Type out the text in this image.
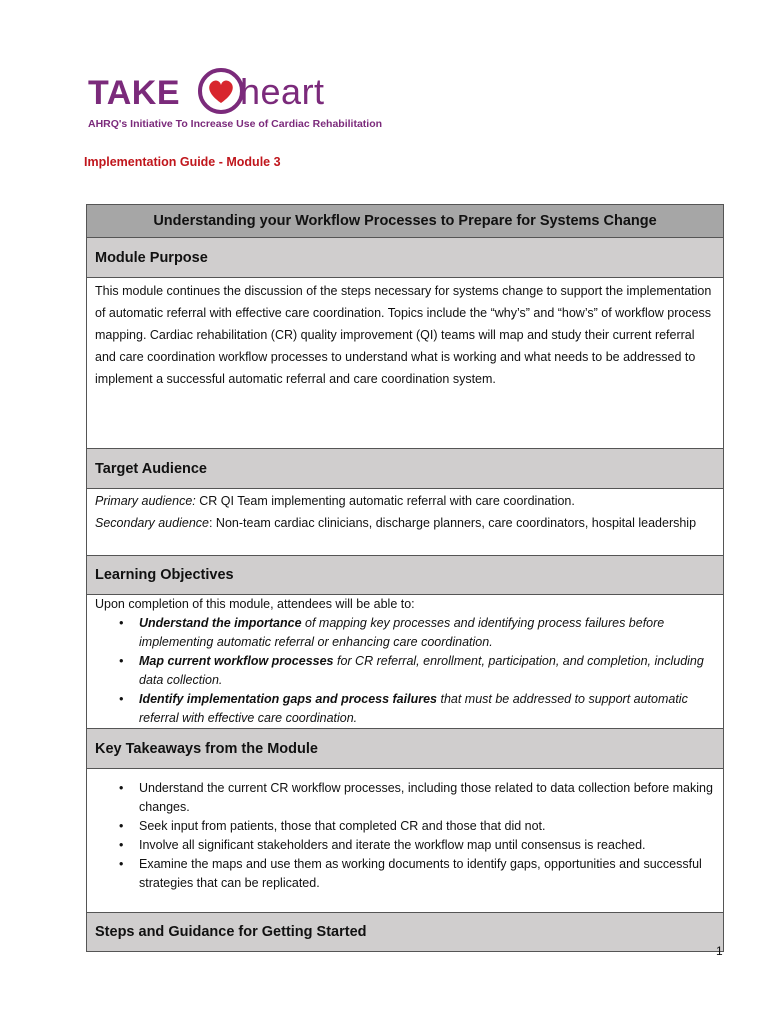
TAKE heart
AHRQ's Initiative To Increase Use of Cardiac Rehabilitation
Implementation Guide - Module 3
Understanding your Workflow Processes to Prepare for Systems Change
Module Purpose

This module continues the discussion of the steps necessary for systems change to support the implementation of automatic referral with effective care coordination. Topics include the “why’s” and “how’s” of workflow process mapping. Cardiac rehabilitation (CR) quality improvement (QI) teams will map and study their current referral and care coordination workflow processes to understand what is working and what needs to be addressed to implement a successful automatic referral and care coordination system.

Target Audience

Primary audience: CR QI Team implementing automatic referral with care coordination.

Secondary audience: Non-team cardiac clinicians, discharge planners, care coordinators, hospital leadership

Learning Objectives

Upon completion of this module, attendees will be able to:

• Understand the importance of mapping key processes and identifying process failures before implementing automatic referral or enhancing care coordination.
• Map current workflow processes for CR referral, enrollment, participation, and completion, including data collection.
• Identify implementation gaps and process failures that must be addressed to support automatic referral with effective care coordination.

Key Takeaways from the Module

• Understand the current CR workflow processes, including those related to data collection before making changes.
• Seek input from patients, those that completed CR and those that did not.
• Involve all significant stakeholders and iterate the workflow map until consensus is reached.
• Examine the maps and use them as working documents to identify gaps, opportunities and successful strategies that can be replicated.

Steps and Guidance for Getting Started
1
